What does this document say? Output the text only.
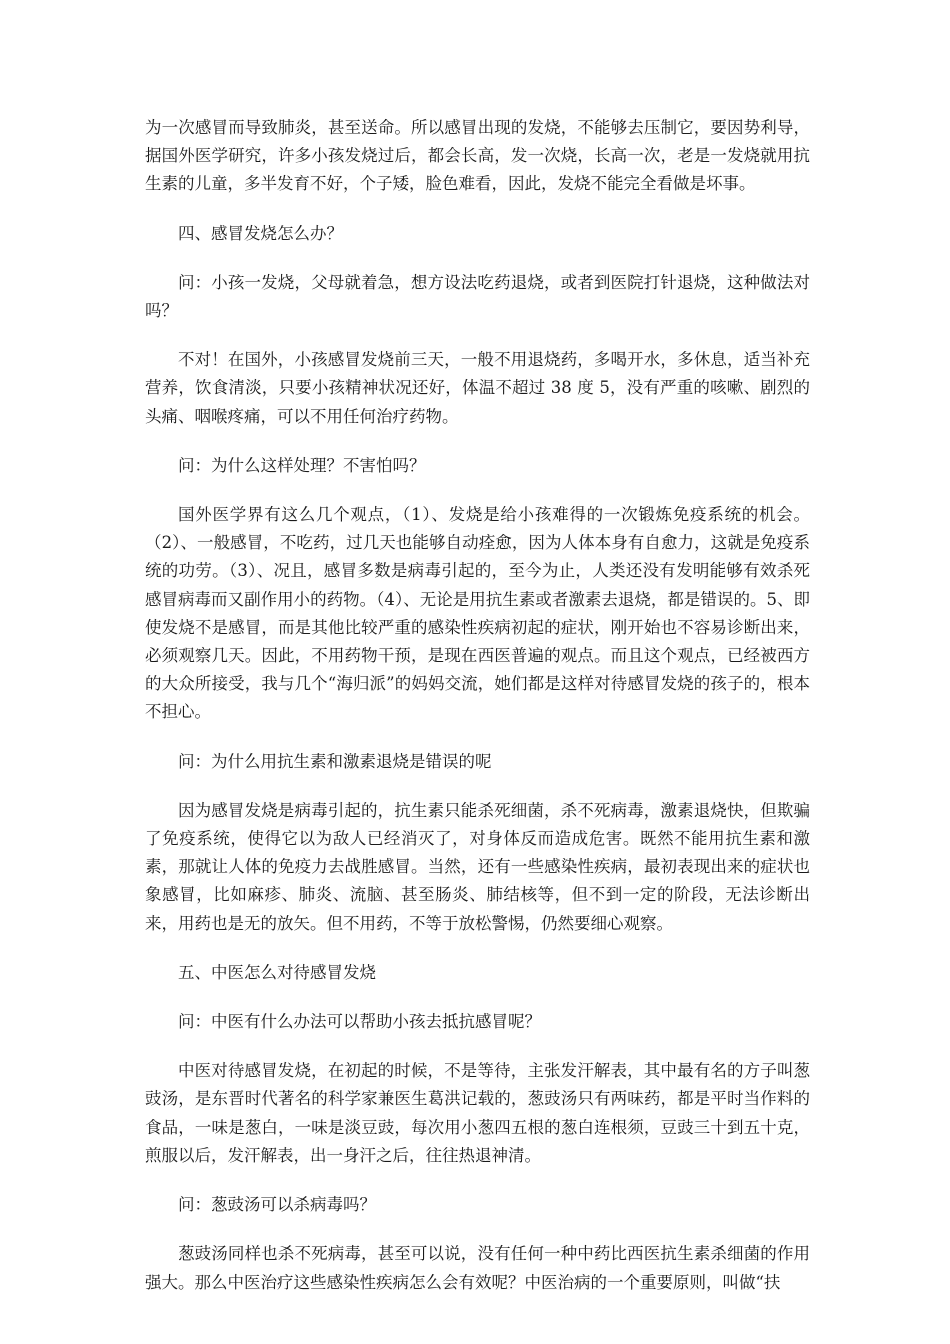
为一次感冒而导致肺炎，甚至送命。所以感冒出现的发烧，不能够去压制它，要因势利导，据国外医学研究，许多小孩发烧过后，都会长高，发一次烧，长高一次，老是一发烧就用抗生素的儿童，多半发育不好，个子矮，脸色难看，因此，发烧不能完全看做是坏事。

四、感冒发烧怎么办？

问：小孩一发烧，父母就着急，想方设法吃药退烧，或者到医院打针退烧，这种做法对吗？

不对！在国外，小孩感冒发烧前三天，一般不用退烧药，多喝开水，多休息，适当补充营养，饮食清淡，只要小孩精神状况还好，体温不超过 38 度 5，没有严重的咳嗽、剧烈的头痛、咽喉疼痛，可以不用任何治疗药物。

问：为什么这样处理？不害怕吗？

国外医学界有这么几个观点，（1）、发烧是给小孩难得的一次锻炼免疫系统的机会。（2）、一般感冒，不吃药，过几天也能够自动痊愈，因为人体本身有自愈力，这就是免疫系统的功劳。（3）、况且，感冒多数是病毒引起的，至今为止，人类还没有发明能够有效杀死感冒病毒而又副作用小的药物。（4）、无论是用抗生素或者激素去退烧，都是错误的。5、即使发烧不是感冒，而是其他比较严重的感染性疾病初起的症状，刚开始也不容易诊断出来，必须观察几天。因此，不用药物干预，是现在西医普遍的观点。而且这个观点，已经被西方的大众所接受，我与几个“海归派”的妈妈交流，她们都是这样对待感冒发烧的孩子的，根本不担心。

问：为什么用抗生素和激素退烧是错误的呢

因为感冒发烧是病毒引起的，抗生素只能杀死细菌，杀不死病毒，激素退烧快，但欺骗了免疫系统，使得它以为敌人已经消灭了，对身体反而造成危害。既然不能用抗生素和激素，那就让人体的免疫力去战胜感冒。当然，还有一些感染性疾病，最初表现出来的症状也象感冒，比如麻疹、肺炎、流脑、甚至肠炎、肺结核等，但不到一定的阶段，无法诊断出来，用药也是无的放矢。但不用药，不等于放松警惕，仍然要细心观察。

五、中医怎么对待感冒发烧

问：中医有什么办法可以帮助小孩去抵抗感冒呢？

中医对待感冒发烧，在初起的时候，不是等待，主张发汗解表，其中最有名的方子叫葱豉汤，是东晋时代著名的科学家兼医生葛洪记载的，葱豉汤只有两味药，都是平时当作料的食品，一味是葱白，一味是淡豆豉，每次用小葱四五根的葱白连根须，豆豉三十到五十克，煎服以后，发汗解表，出一身汗之后，往往热退神清。

问：葱豉汤可以杀病毒吗？

葱豉汤同样也杀不死病毒，甚至可以说，没有任何一种中药比西医抗生素杀细菌的作用强大。那么中医治疗这些感染性疾病怎么会有效呢？中医治病的一个重要原则，叫做“扶
